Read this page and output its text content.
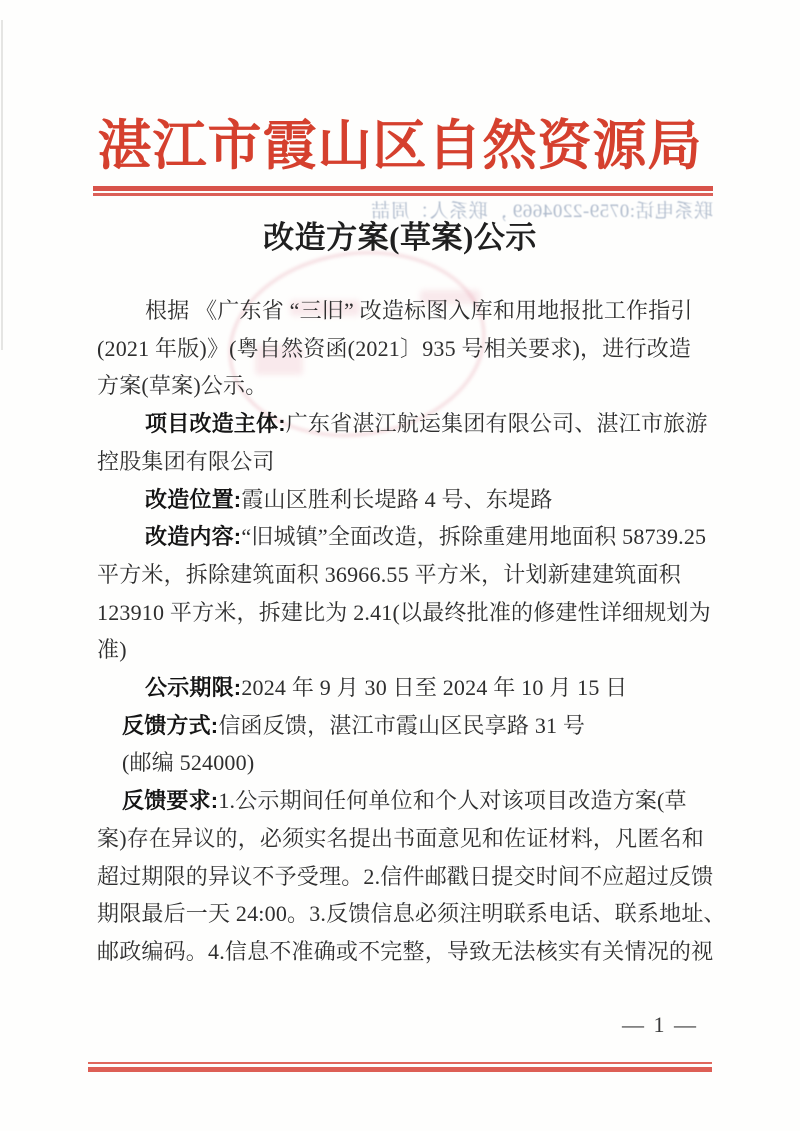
湛江市霞山区自然资源局
联系电话:0759-2204669 ，联系人：周喆
改造方案(草案)公示
根据 《广东省 “三旧” 改造标图入库和用地报批工作指引
(2021 年版)》(粤自然资函(2021〕935 号相关要求)，进行改造
方案(草案)公示。
项目改造主体:广东省湛江航运集团有限公司、湛江市旅游
控股集团有限公司
改造位置:霞山区胜利长堤路 4 号、东堤路
改造内容:“旧城镇”全面改造，拆除重建用地面积 58739.25
平方米，拆除建筑面积 36966.55 平方米，计划新建建筑面积
123910 平方米，拆建比为 2.41(以最终批准的修建性详细规划为
准)
公示期限:2024 年 9 月 30 日至 2024 年 10 月 15 日
反馈方式:信函反馈，湛江市霞山区民享路 31 号
(邮编 524000)
反馈要求:1.公示期间任何单位和个人对该项目改造方案(草
案)存在异议的，必须实名提出书面意见和佐证材料，凡匿名和
超过期限的异议不予受理。2.信件邮戳日提交时间不应超过反馈
期限最后一天 24:00。3.反馈信息必须注明联系电话、联系地址、
邮政编码。4.信息不准确或不完整，导致无法核实有关情况的视
— 1 —
